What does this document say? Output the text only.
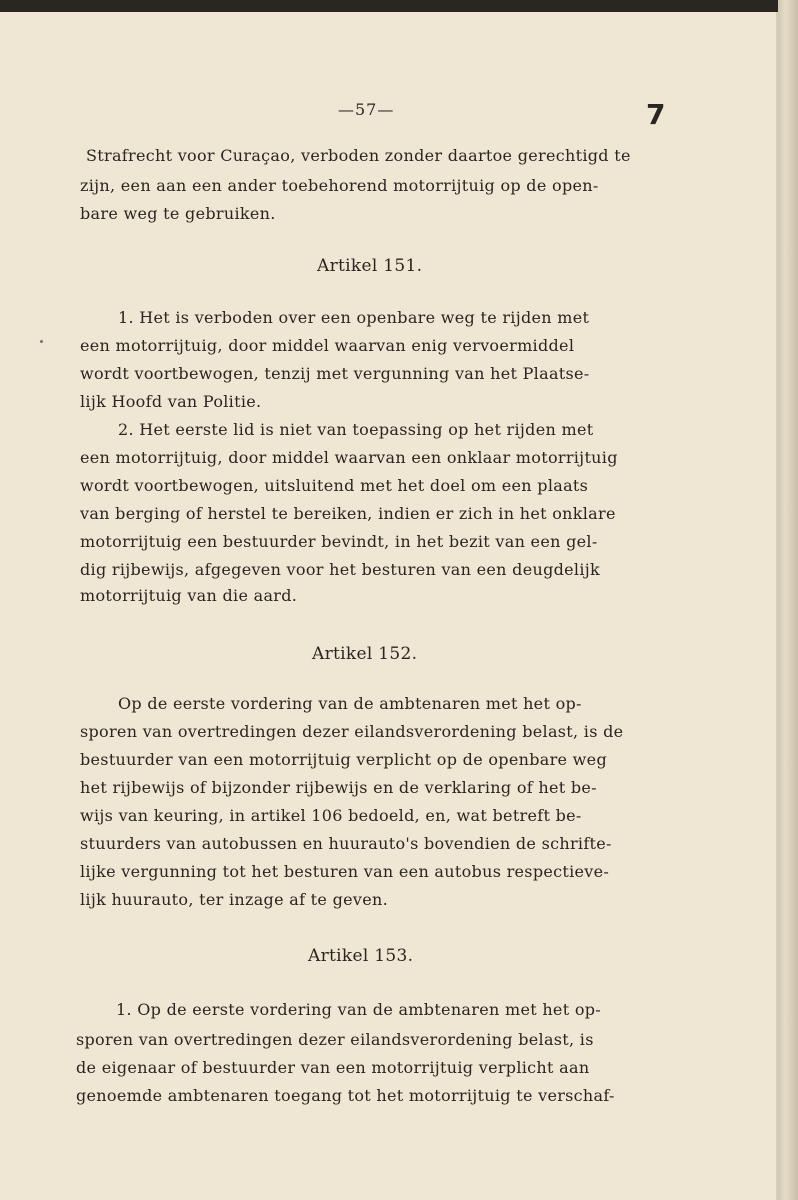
—57—	7
Strafrecht voor Curaçao, verboden zonder daartoe gerechtigd te
zijn, een aan een ander toebehorend motorrijtuig op de open-
bare weg te gebruiken.
Artikel 151.
1. Het is verboden over een openbare weg te rijden met
een motorrijtuig, door middel waarvan enig vervoermiddel
wordt voortbewogen, tenzij met vergunning van het Plaatse-
lijk Hoofd van Politie.
2. Het eerste lid is niet van toepassing op het rijden met
een motorrijtuig, door middel waarvan een onklaar motorrijtuig
wordt voortbewogen, uitsluitend met het doel om een plaats
van berging of herstel te bereiken, indien er zich in het onklare
motorrijtuig een bestuurder bevindt, in het bezit van een gel-
dig rijbewijs, afgegeven voor het besturen van een deugdelijk
motorrijtuig van die aard.
Artikel 152.
Op de eerste vordering van de ambtenaren met het op-
sporen van overtredingen dezer eilandsverordening belast, is de
bestuurder van een motorrijtuig verplicht op de openbare weg
het rijbewijs of bijzonder rijbewijs en de verklaring of het be-
wijs van keuring, in artikel 106 bedoeld, en, wat betreft be-
stuurders van autobussen en huurauto's bovendien de schrifte-
lijke vergunning tot het besturen van een autobus respectieve-
lijk huurauto, ter inzage af te geven.
Artikel 153.
1. Op de eerste vordering van de ambtenaren met het op-
sporen van overtredingen dezer eilandsverordening belast, is
de eigenaar of bestuurder van een motorrijtuig verplicht aan
genoemde ambtenaren toegang tot het motorrijtuig te verschaf-
